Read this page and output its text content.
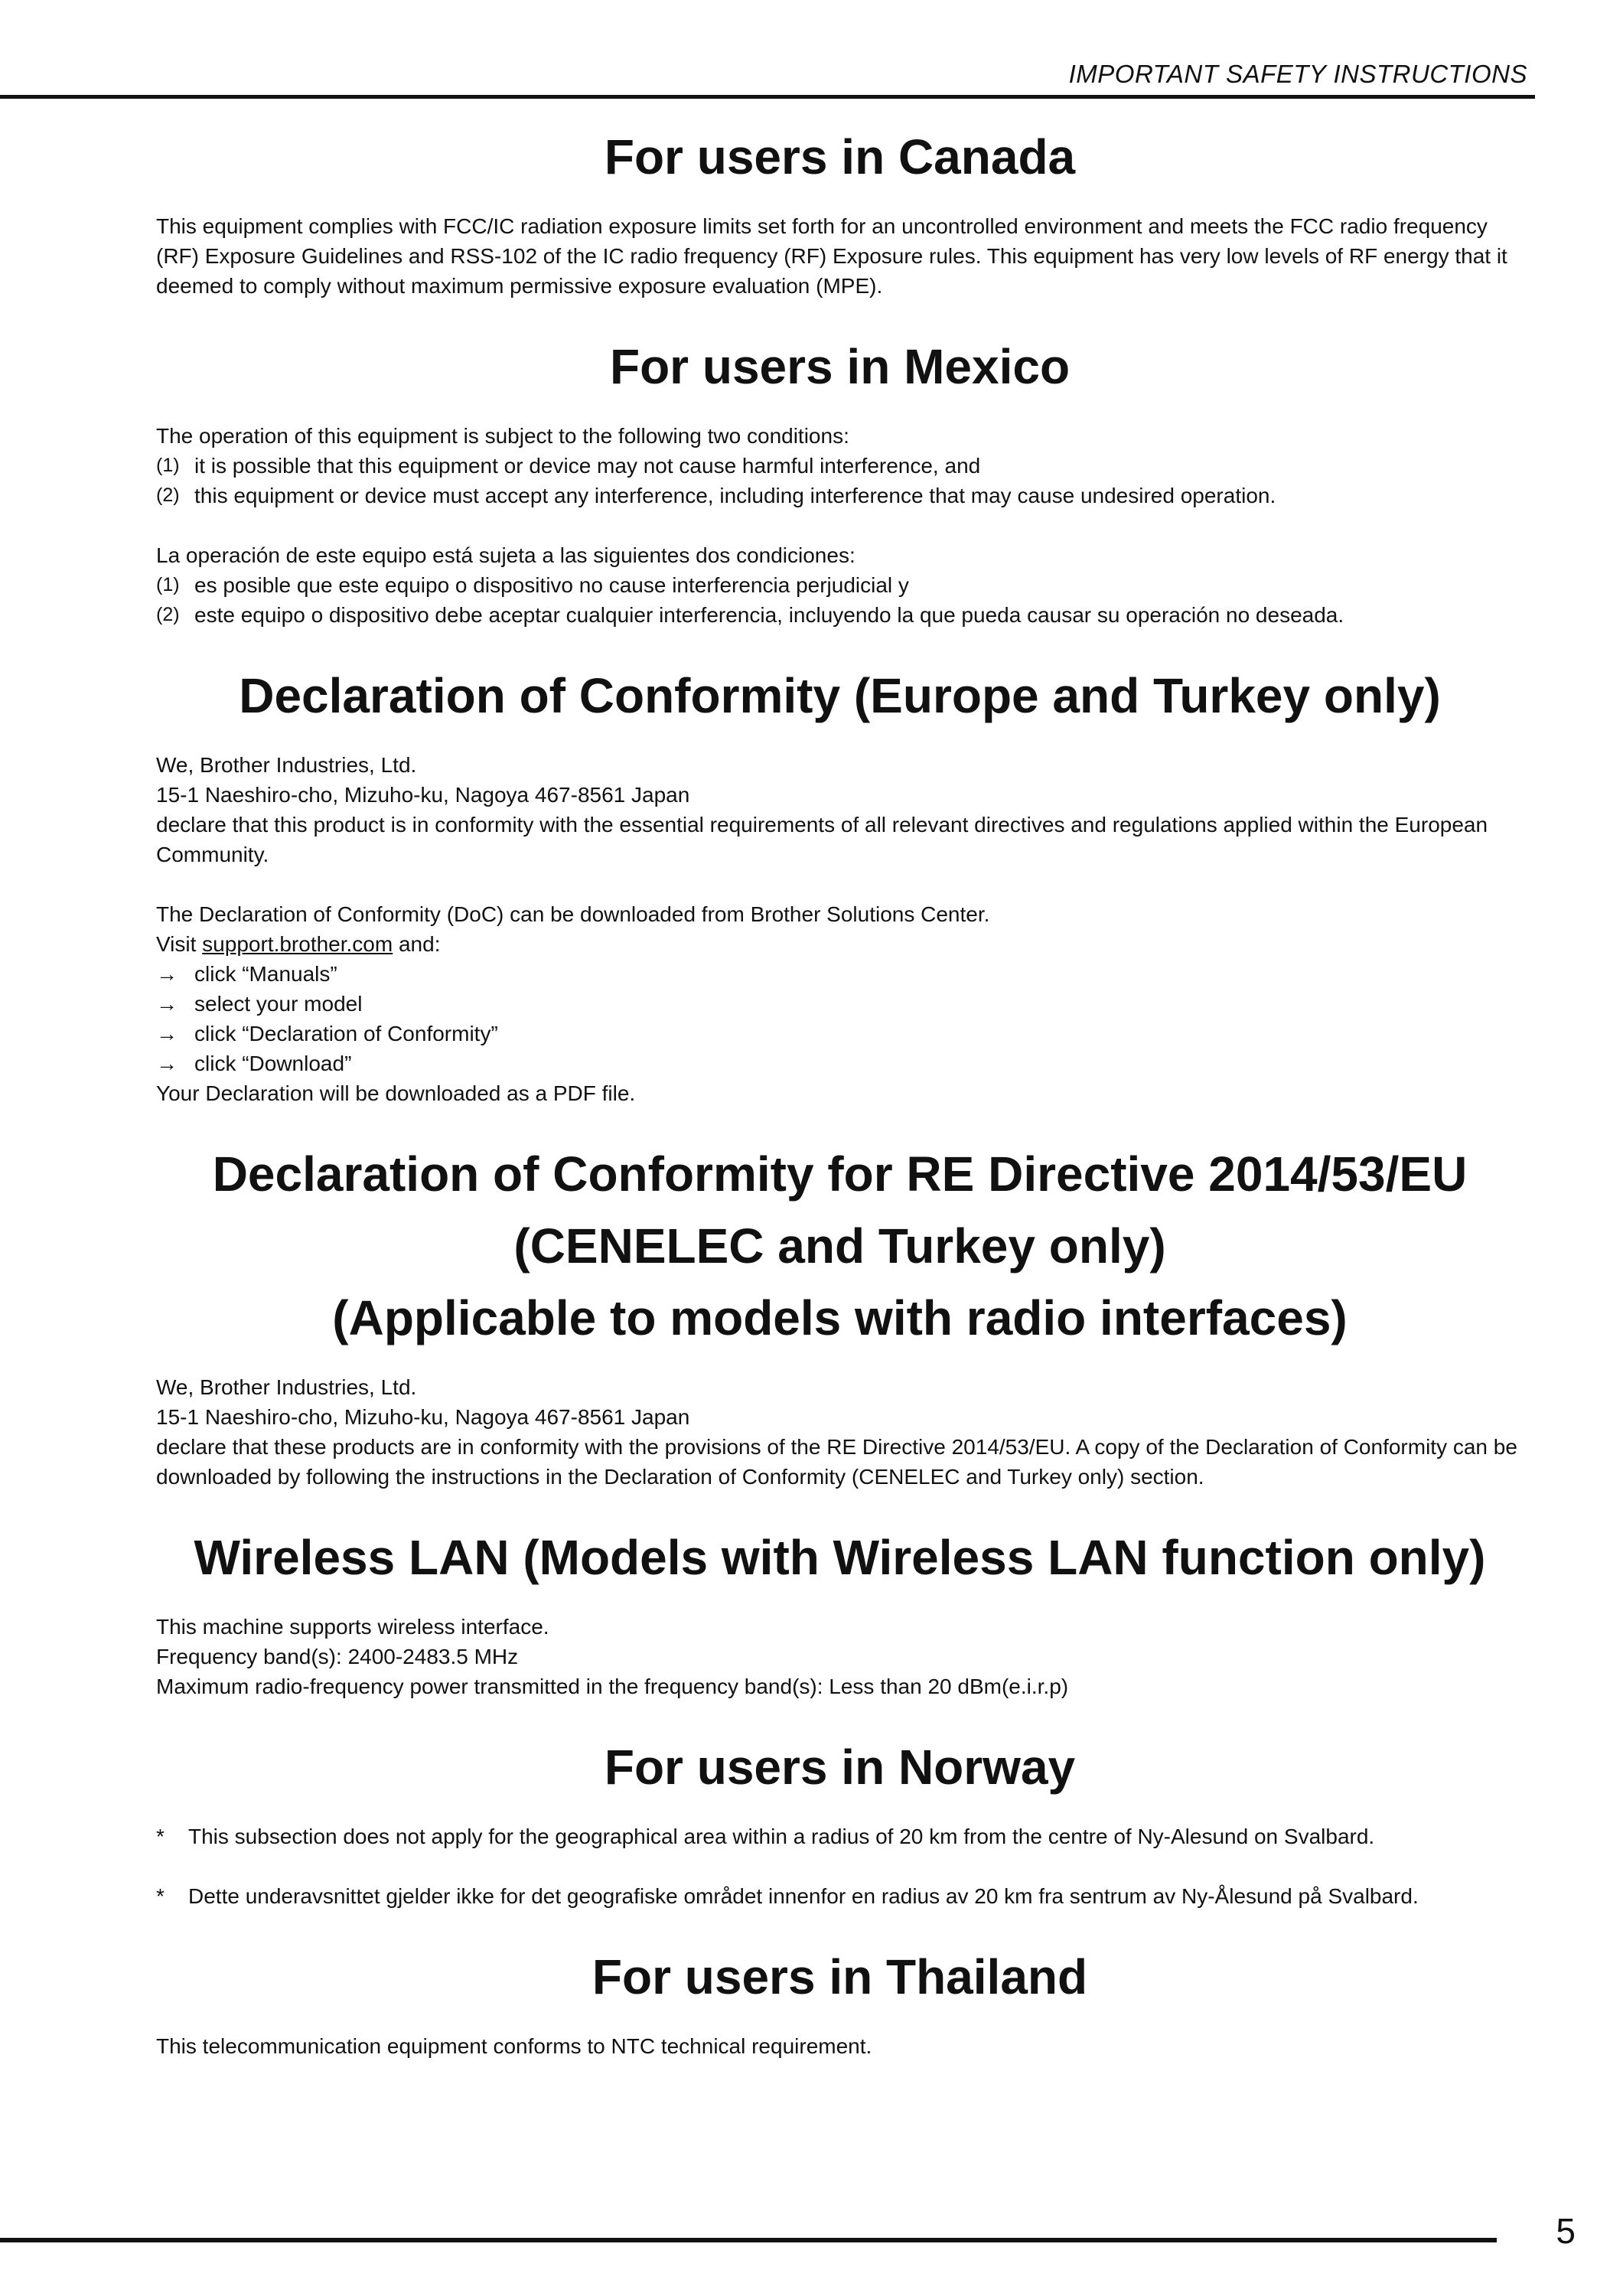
IMPORTANT SAFETY INSTRUCTIONS
For users in Canada

This equipment complies with FCC/IC radiation exposure limits set forth for an uncontrolled environment and meets the FCC radio frequency (RF) Exposure Guidelines and RSS-102 of the IC radio frequency (RF) Exposure rules. This equipment has very low levels of RF energy that it deemed to comply without maximum permissive exposure evaluation (MPE).

For users in Mexico

The operation of this equipment is subject to the following two conditions:

(1) it is possible that this equipment or device may not cause harmful interference, and
(2) this equipment or device must accept any interference, including interference that may cause undesired operation.

La operación de este equipo está sujeta a las siguientes dos condiciones:

(1) es posible que este equipo o dispositivo no cause interferencia perjudicial y
(2) este equipo o dispositivo debe aceptar cualquier interferencia, incluyendo la que pueda causar su operación no deseada.
Declaration of Conformity (Europe and Turkey only)

We, Brother Industries, Ltd.

15-1 Naeshiro-cho, Mizuho-ku, Nagoya 467-8561 Japan

declare that this product is in conformity with the essential requirements of all relevant directives and regulations applied within the European Community.

The Declaration of Conformity (DoC) can be downloaded from Brother Solutions Center.

Visit support.brother.com and:

→ click “Manuals”
→ select your model
→ click “Declaration of Conformity”
→ click “Download”

Your Declaration will be downloaded as a PDF file.

Declaration of Conformity for RE Directive 2014/53/EU
(CENELEC and Turkey only)
(Applicable to models with radio interfaces)

We, Brother Industries, Ltd.

15-1 Naeshiro-cho, Mizuho-ku, Nagoya 467-8561 Japan

declare that these products are in conformity with the provisions of the RE Directive 2014/53/EU. A copy of the Declaration of Conformity can be downloaded by following the instructions in the Declaration of Conformity (CENELEC and Turkey only) section.

Wireless LAN (Models with Wireless LAN function only)

This machine supports wireless interface.

Frequency band(s): 2400-2483.5 MHz

Maximum radio-frequency power transmitted in the frequency band(s): Less than 20 dBm(e.i.r.p)

For users in Norway
*	This subsection does not apply for the geographical area within a radius of 20 km from the centre of Ny-Alesund on Svalbard.
*	Dette underavsnittet gjelder ikke for det geografiske området innenfor en radius av 20 km fra sentrum av Ny-Ålesund på Svalbard.
For users in Thailand

This telecommunication equipment conforms to NTC technical requirement.

5
